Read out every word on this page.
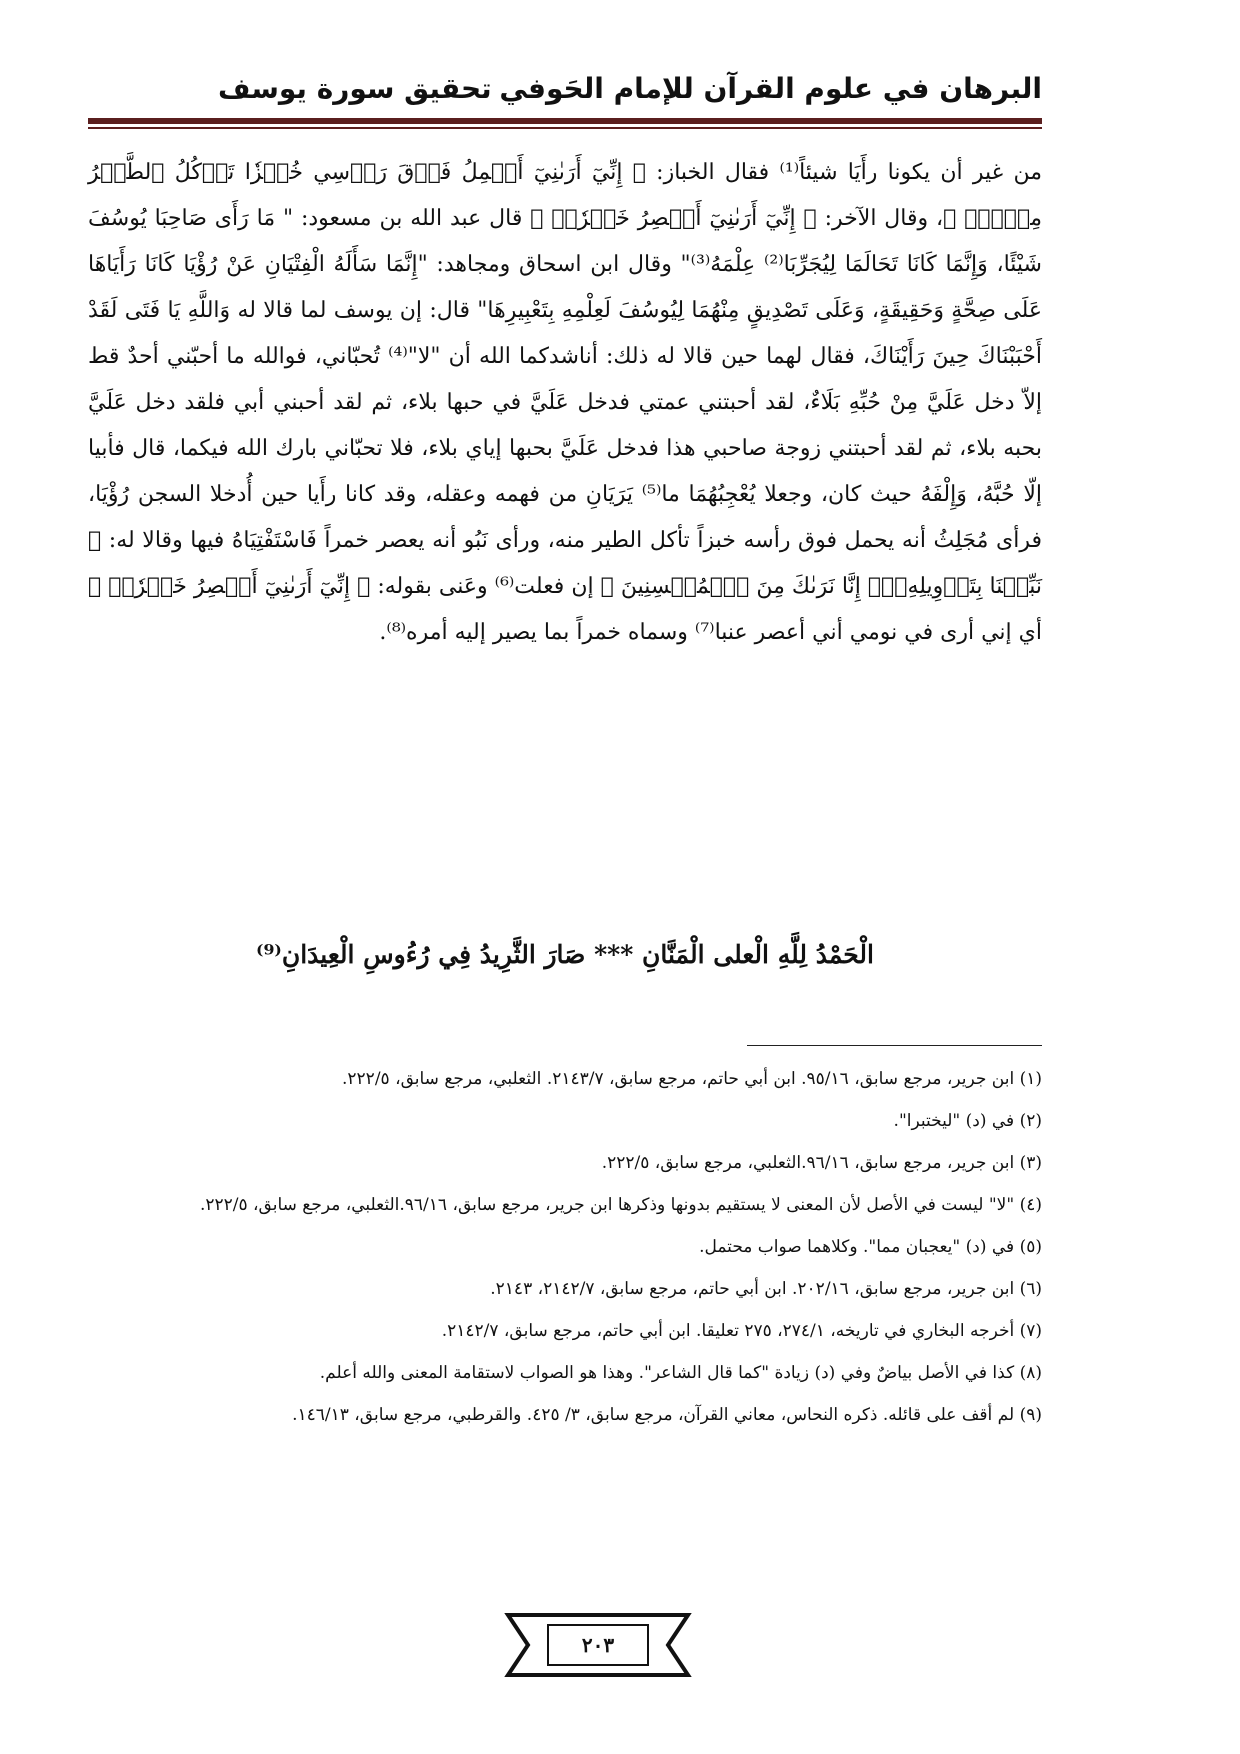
البرهان في علوم القرآن للإمام الحَوفي
تحقيق سورة يوسف

من غير أن يكونا رأَيَا شيئاً⁽¹⁾ فقال الخباز: ﴿ إِنِّيٓ أَرَىٰنِيٓ أَحۡمِلُ فَوۡقَ رَأۡسِي خُبۡزٗا تَأۡكُلُ ٱلطَّيۡرُ مِنۡهُۖ ﴾، وقال الآخر: ﴿ إِنِّيٓ أَرَىٰنِيٓ أَعۡصِرُ خَمۡرٗاۖ ﴾ قال عبد الله بن مسعود: " مَا رَأَى صَاحِبَا يُوسُفَ شَيْئًا، وَإِنَّمَا كَانَا تَحَالَمَا لِيُجَرِّبَا⁽²⁾ عِلْمَهُ⁽³⁾" وقال ابن اسحاق ومجاهد: "إِنَّمَا سَأَلَهُ الْفِتْيَانِ عَنْ رُؤْيَا كَانَا رَأَيَاهَا عَلَى صِحَّةٍ وَحَقِيقَةٍ، وَعَلَى تَصْدِيقٍ مِنْهُمَا لِيُوسُفَ لَعِلْمِهِ بِتَعْبِيرِهَا" قال: إن يوسف لما قالا له وَاللَّهِ يَا فَتَى لَقَدْ أَحْبَبْنَاكَ حِينَ رَأَيْنَاكَ، فقال لهما حين قالا له ذلك: أناشدكما الله أن "لا"⁽⁴⁾ تُحبّاني، فوالله ما أحبّني أحدٌ قط إلاّ دخل عَلَيَّ مِنْ حُبِّهِ بَلَاءٌ، لقد أحبتني عمتي فدخل عَلَيَّ في حبها بلاء، ثم لقد أحبني أبي فلقد دخل عَلَيَّ بحبه بلاء، ثم لقد أحبتني زوجة صاحبي هذا فدخل عَلَيَّ بحبها إياي بلاء، فلا تحبّاني بارك الله فيكما، قال فأبيا إلّا حُبَّهُ، وَإِلْفَهُ حيث كان، وجعلا يُعْجِبُهُمَا ما⁽⁵⁾ يَرَيَانِ من فهمه وعقله، وقد كانا رأَيا حين أُدخلا السجن رُؤْيَا، فرأى مُجَلِثُ أنه يحمل فوق رأسه خبزاً تأكل الطير منه، ورأى نَبُو أنه يعصر خمراً فَاسْتَفْتِيَاهُ فيها وقالا له: ﴿ نَبِّئۡنَا بِتَأۡوِيلِهِۦٓۖ إِنَّا نَرَىٰكَ مِنَ ٱلۡمُحۡسِنِينَ ﴾ إن فعلت⁽⁶⁾ وعَنى بقوله: ﴿ إِنِّيٓ أَرَىٰنِيٓ أَعۡصِرُ خَمۡرٗاۖ ﴾ أي إني أرى في نومي أني أعصر عنبا⁽⁷⁾ وسماه خمراً بما يصير إليه أمره⁽⁸⁾.

الْحَمْدُ لِلَّهِ الْعلى الْمَنَّانِ *** صَارَ الثَّرِيدُ فِي رُءُوسِ الْعِيدَانِ⁽⁹⁾

(١) ابن جرير، مرجع سابق، ٩٥/١٦. ابن أبي حاتم، مرجع سابق، ٢١٤٣/٧. الثعلبي، مرجع سابق، ٢٢٢/٥.

(٢) في (د) "ليختبرا".

(٣) ابن جرير، مرجع سابق، ٩٦/١٦.الثعلبي، مرجع سابق، ٢٢٢/٥.

(٤) "لا" ليست في الأصل لأن المعنى لا يستقيم بدونها وذكرها ابن جرير، مرجع سابق، ٩٦/١٦.الثعلبي، مرجع سابق، ٢٢٢/٥.

(٥) في (د) "يعجبان مما". وكلاهما صواب محتمل.

(٦) ابن جرير، مرجع سابق، ٢٠٢/١٦. ابن أبي حاتم، مرجع سابق، ٢١٤٢/٧، ٢١٤٣.

(٧) أخرجه البخاري في تاريخه، ٢٧٤/١، ٢٧٥ تعليقا. ابن أبي حاتم، مرجع سابق، ٢١٤٢/٧.

(٨) كذا في الأصل بياضٌ وفي (د) زيادة "كما قال الشاعر". وهذا هو الصواب لاستقامة المعنى والله أعلم.

(٩) لم أقف على قائله. ذكره النحاس، معاني القرآن، مرجع سابق، ٣/ ٤٢٥. والقرطبي، مرجع سابق، ١٤٦/١٣.

٢٠٣
